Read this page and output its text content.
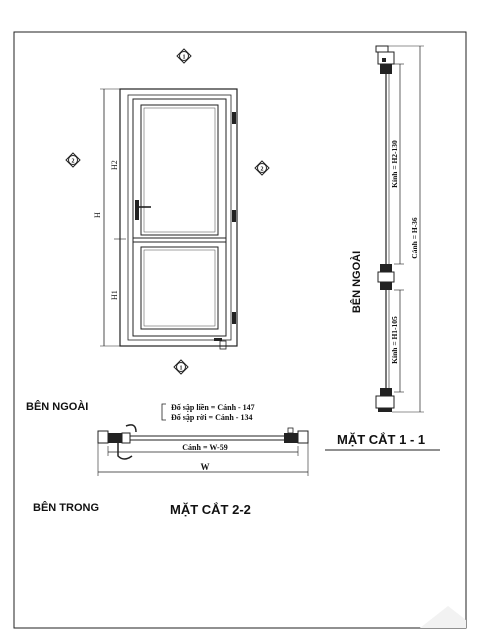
H
H2
H1
1
2
2
1
Kính = H2-130
Kính = H1-105
Cánh = H-36
BÊN NGOÀI
MẶT CẮT 1 - 1
Cánh = W-59
W
Đố sập liền = Cánh - 147
Đố sập rời = Cánh - 134
BÊN NGOÀI
BÊN TRONG	MẶT CẮT 2-2
